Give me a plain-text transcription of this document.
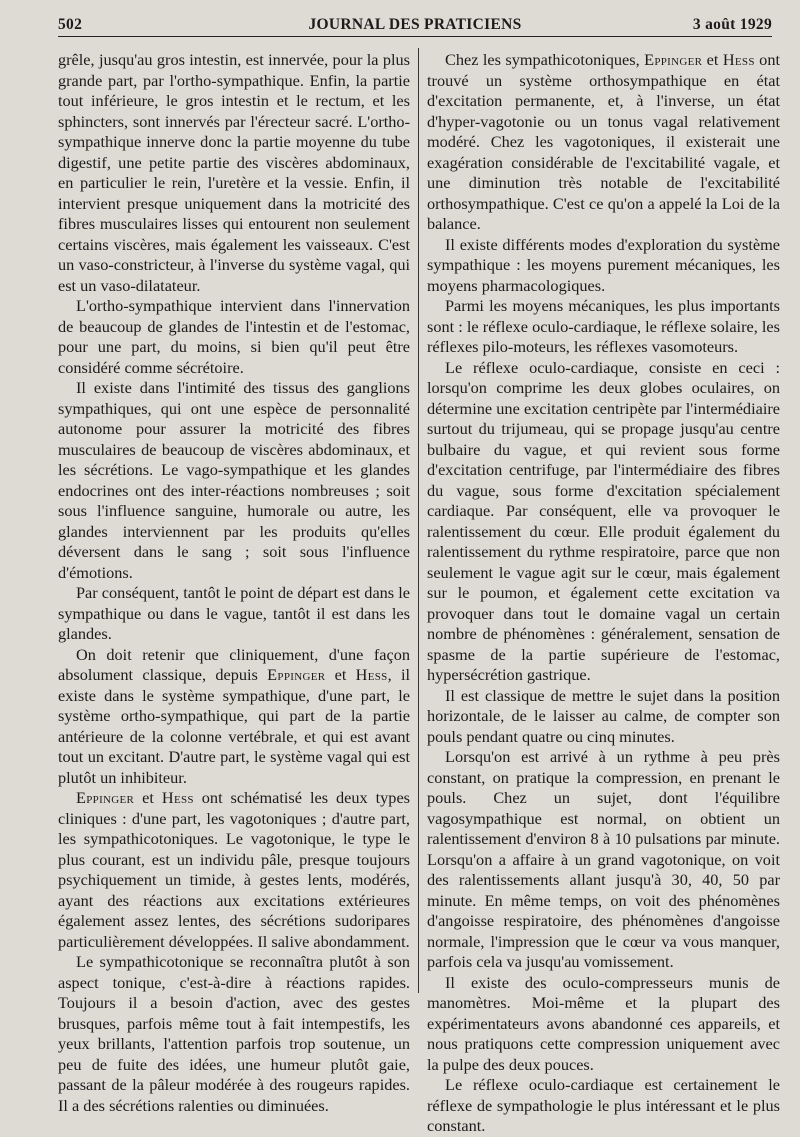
502	JOURNAL DES PRATICIENS	3 août 1929

grêle, jusqu'au gros intestin, est innervée, pour la plus grande part, par l'ortho-sympathique. Enfin, la partie tout inférieure, le gros intestin et le rectum, et les sphincters, sont innervés par l'érecteur sacré. L'ortho-sympathique innerve donc la partie moyenne du tube digestif, une petite partie des viscères abdominaux, en particulier le rein, l'uretère et la vessie. Enfin, il intervient presque uniquement dans la motricité des fibres musculaires lisses qui entourent non seulement certains viscères, mais également les vaisseaux. C'est un vaso-constricteur, à l'inverse du système vagal, qui est un vaso-dilatateur.

L'ortho-sympathique intervient dans l'innervation de beaucoup de glandes de l'intestin et de l'estomac, pour une part, du moins, si bien qu'il peut être considéré comme sécrétoire.

Il existe dans l'intimité des tissus des ganglions sympathiques, qui ont une espèce de personnalité autonome pour assurer la motricité des fibres musculaires de beaucoup de viscères abdominaux, et les sécrétions. Le vago-sympathique et les glandes endocrines ont des inter-réactions nombreuses ; soit sous l'influence sanguine, humorale ou autre, les glandes interviennent par les produits qu'elles déversent dans le sang ; soit sous l'influence d'émotions.

Par conséquent, tantôt le point de départ est dans le sympathique ou dans le vague, tantôt il est dans les glandes.

On doit retenir que cliniquement, d'une façon absolument classique, depuis Eppinger et Hess, il existe dans le système sympathique, d'une part, le système ortho-sympathique, qui part de la partie antérieure de la colonne vertébrale, et qui est avant tout un excitant. D'autre part, le système vagal qui est plutôt un inhibiteur.

Eppinger et Hess ont schématisé les deux types cliniques : d'une part, les vagotoniques ; d'autre part, les sympathicotoniques. Le vagotonique, le type le plus courant, est un individu pâle, presque toujours psychiquement un timide, à gestes lents, modérés, ayant des réactions aux excitations extérieures également assez lentes, des sécrétions sudoripares particulièrement développées. Il salive abondamment.

Le sympathicotonique se reconnaîtra plutôt à son aspect tonique, c'est-à-dire à réactions rapides. Toujours il a besoin d'action, avec des gestes brusques, parfois même tout à fait intempestifs, les yeux brillants, l'attention parfois trop soutenue, un peu de fuite des idées, une humeur plutôt gaie, passant de la pâleur modérée à des rougeurs rapides. Il a des sécrétions ralenties ou diminuées.

Chez les sympathicotoniques, Eppinger et Hess ont trouvé un système orthosympathique en état d'excitation permanente, et, à l'inverse, un état d'hyper-vagotonie ou un tonus vagal relativement modéré. Chez les vagotoniques, il existerait une exagération considérable de l'excitabilité vagale, et une diminution très notable de l'excitabilité orthosympathique. C'est ce qu'on a appelé la Loi de la balance.

Il existe différents modes d'exploration du système sympathique : les moyens purement mécaniques, les moyens pharmacologiques.

Parmi les moyens mécaniques, les plus importants sont : le réflexe oculo-cardiaque, le réflexe solaire, les réflexes pilo-moteurs, les réflexes vasomoteurs.

Le réflexe oculo-cardiaque, consiste en ceci : lorsqu'on comprime les deux globes oculaires, on détermine une excitation centripète par l'intermédiaire surtout du trijumeau, qui se propage jusqu'au centre bulbaire du vague, et qui revient sous forme d'excitation centrifuge, par l'intermédiaire des fibres du vague, sous forme d'excitation spécialement cardiaque. Par conséquent, elle va provoquer le ralentissement du cœur. Elle produit également du ralentissement du rythme respiratoire, parce que non seulement le vague agit sur le cœur, mais également sur le poumon, et également cette excitation va provoquer dans tout le domaine vagal un certain nombre de phénomènes : généralement, sensation de spasme de la partie supérieure de l'estomac, hypersécrétion gastrique.

Il est classique de mettre le sujet dans la position horizontale, de le laisser au calme, de compter son pouls pendant quatre ou cinq minutes.

Lorsqu'on est arrivé à un rythme à peu près constant, on pratique la compression, en prenant le pouls. Chez un sujet, dont l'équilibre vagosympathique est normal, on obtient un ralentissement d'environ 8 à 10 pulsations par minute. Lorsqu'on a affaire à un grand vagotonique, on voit des ralentissements allant jusqu'à 30, 40, 50 par minute. En même temps, on voit des phénomènes d'angoisse respiratoire, des phénomènes d'angoisse normale, l'impression que le cœur va vous manquer, parfois cela va jusqu'au vomissement.

Il existe des oculo-compresseurs munis de manomètres. Moi-même et la plupart des expérimentateurs avons abandonné ces appareils, et nous pratiquons cette compression uniquement avec la pulpe des deux pouces.

Le réflexe oculo-cardiaque est certainement le réflexe de sympathologie le plus intéressant et le plus constant.
